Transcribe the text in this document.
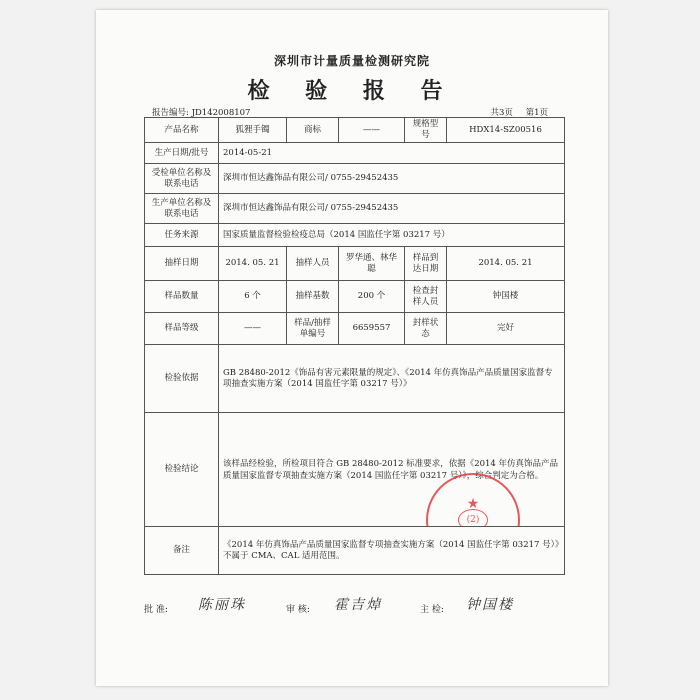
深圳市计量质量检测研究院
检 验 报 告
报告编号: JD142008107	共3页 第1页
产品名称	狐狸手镯	商标	——	规格型号	HDX14-SZ00516
生产日期/批号	2014-05-21				
受检单位名称及联系电话	深圳市恒达鑫饰品有限公司/ 0755-29452435				
生产单位名称及联系电话	深圳市恒达鑫饰品有限公司/ 0755-29452435				
任务来源	国家质量监督检验检疫总局（2014 国监任字第 03217 号）				
抽样日期	2014. 05. 21	抽样人员	罗华通、林华聪	样品到达日期	2014. 05. 21
样品数量	6 个	抽样基数	200 个	检查封样人员	钟国楼
样品等级	——	样品/抽样单编号	6659557	封样状态	完好
检验依据	GB 28480-2012《饰品有害元素限量的规定》、《2014 年仿真饰品产品质量国家监督专项抽查实施方案（2014 国监任字第 03217 号）》				
检验结论	该样品经检验，所检项目符合 GB 28480-2012 标准要求，依据《2014 年仿真饰品产品质量国家监督专项抽查实施方案（2014 国监任字第 03217 号）》，综合判定为合格。
★
(2)				

备注	《2014 年仿真饰品产品质量国家监督专项抽查实施方案（2014 国监任字第 03217 号）》不属于 CMA、CAL 适用范围。				
批 准: 陈丽珠	审 核: 霍吉焯	主 检: 钟国楼
